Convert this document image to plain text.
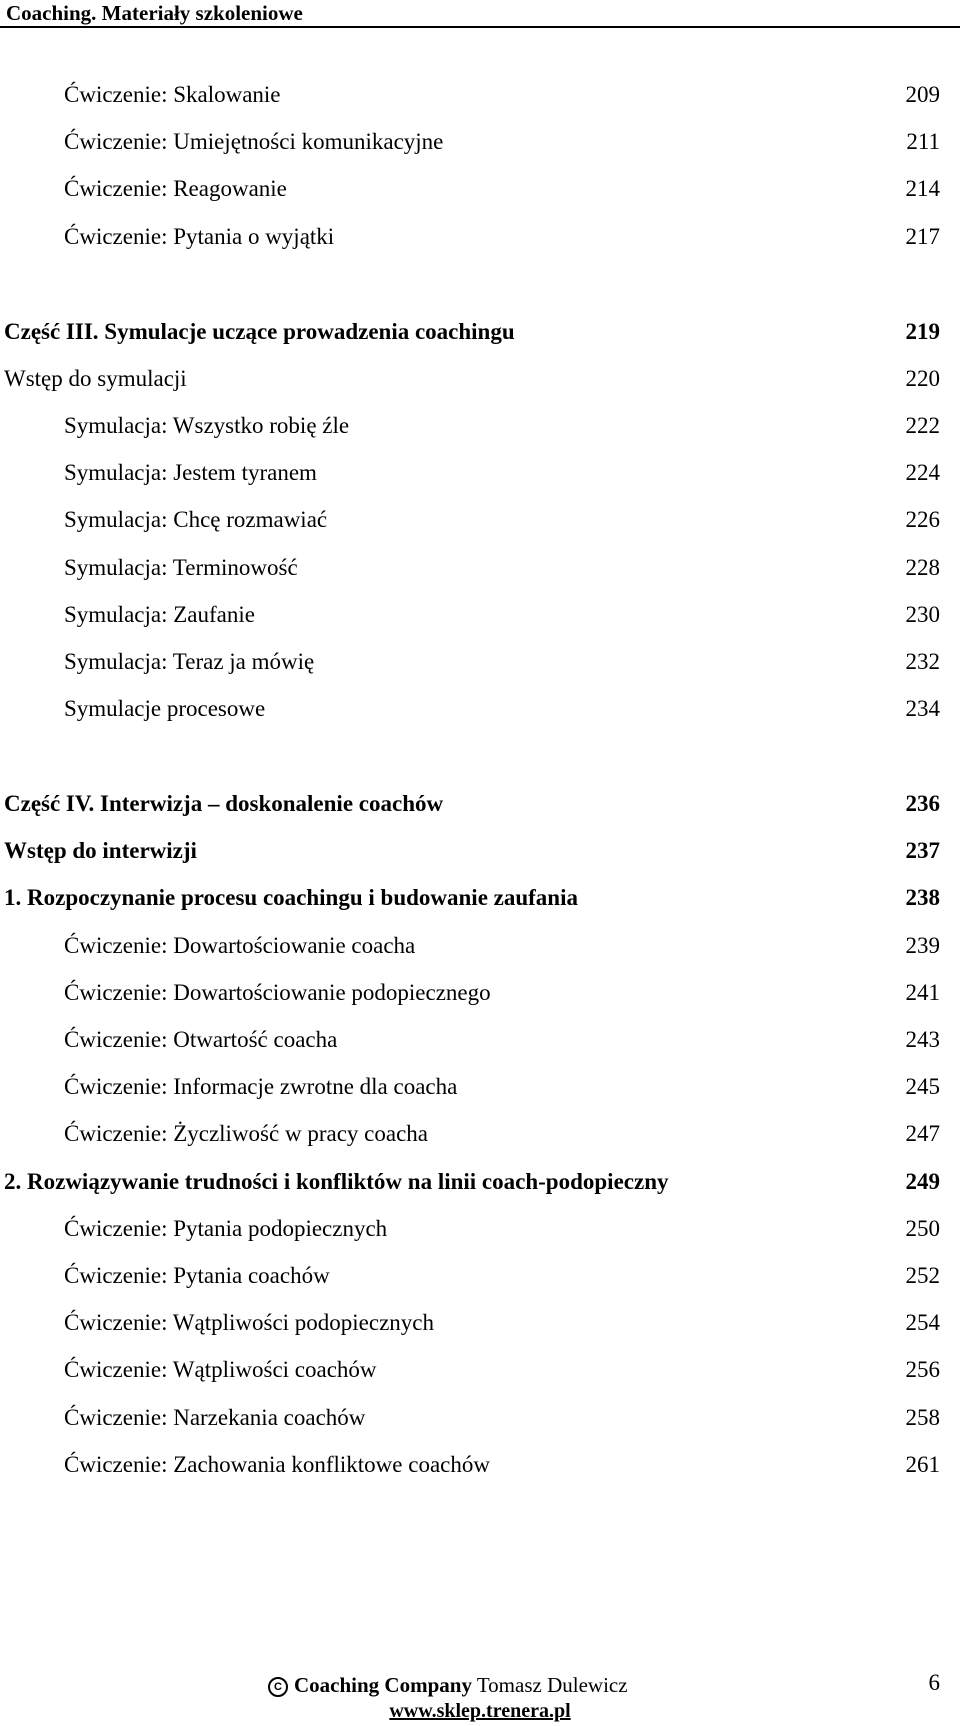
Coaching. Materiały szkoleniowe
Ćwiczenie: Skalowanie	209
Ćwiczenie: Umiejętności komunikacyjne	211
Ćwiczenie: Reagowanie	214
Ćwiczenie: Pytania o wyjątki	217
Część III. Symulacje uczące prowadzenia coachingu	219
Wstęp do symulacji	220
Symulacja: Wszystko robię źle	222
Symulacja: Jestem tyranem	224
Symulacja: Chcę rozmawiać	226
Symulacja: Terminowość	228
Symulacja: Zaufanie	230
Symulacja: Teraz ja mówię	232
Symulacje procesowe	234
Część IV. Interwizja – doskonalenie coachów	236
Wstęp do interwizji	237
1. Rozpoczynanie procesu coachingu i budowanie zaufania	238
Ćwiczenie: Dowartościowanie coacha	239
Ćwiczenie: Dowartościowanie podopiecznego	241
Ćwiczenie: Otwartość coacha	243
Ćwiczenie: Informacje zwrotne dla coacha	245
Ćwiczenie: Życzliwość w pracy coacha	247
2. Rozwiązywanie trudności i konfliktów na linii coach-podopieczny	249
Ćwiczenie: Pytania podopiecznych	250
Ćwiczenie: Pytania coachów	252
Ćwiczenie: Wątpliwości podopiecznych	254
Ćwiczenie: Wątpliwości coachów	256
Ćwiczenie: Narzekania coachów	258
Ćwiczenie: Zachowania konfliktowe coachów	261
C Coaching Company Tomasz Dulewicz
www.sklep.trenera.pl
6
